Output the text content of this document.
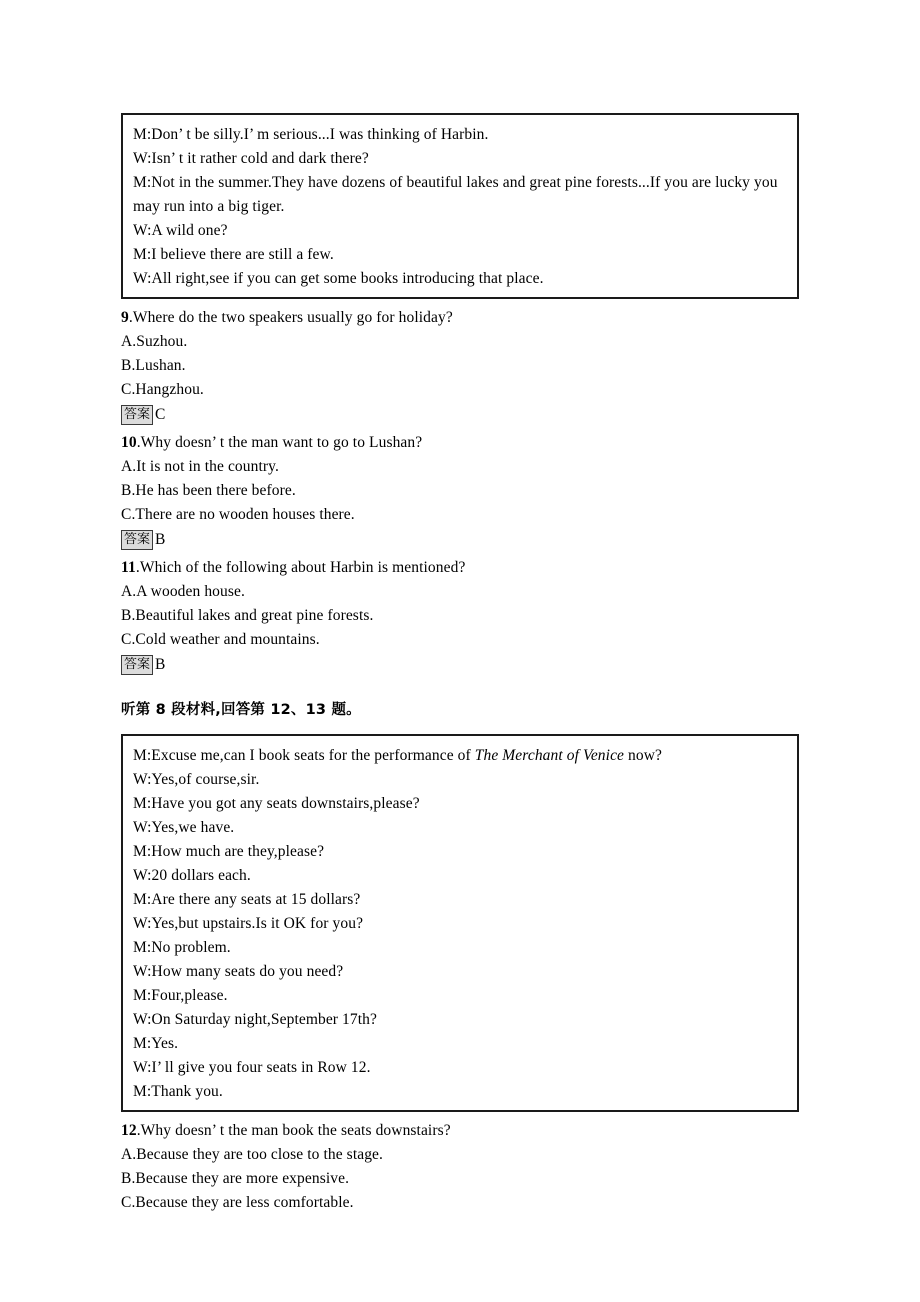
M:Don’ t be silly.I’ m serious...I was thinking of Harbin.
W:Isn’ t it rather cold and dark there?
M:Not in the summer.They have dozens of beautiful lakes and great pine forests...If you are lucky you may run into a big tiger.
W:A wild one?
M:I believe there are still a few.
W:All right,see if you can get some books introducing that place.
9.Where do the two speakers usually go for holiday?
A.Suzhou.
B.Lushan.
C.Hangzhou.
答案 C
10.Why doesn’ t the man want to go to Lushan?
A.It is not in the country.
B.He has been there before.
C.There are no wooden houses there.
答案 B
11.Which of the following about Harbin is mentioned?
A.A wooden house.
B.Beautiful lakes and great pine forests.
C.Cold weather and mountains.
答案 B
听第 8 段材料,回答第 12、13 题。
M:Excuse me,can I book seats for the performance of The Merchant of Venice now?
W:Yes,of course,sir.
M:Have you got any seats downstairs,please?
W:Yes,we have.
M:How much are they,please?
W:20 dollars each.
M:Are there any seats at 15 dollars?
W:Yes,but upstairs.Is it OK for you?
M:No problem.
W:How many seats do you need?
M:Four,please.
W:On Saturday night,September 17th?
M:Yes.
W:I’ ll give you four seats in Row 12.
M:Thank you.
12.Why doesn’ t the man book the seats downstairs?
A.Because they are too close to the stage.
B.Because they are more expensive.
C.Because they are less comfortable.
